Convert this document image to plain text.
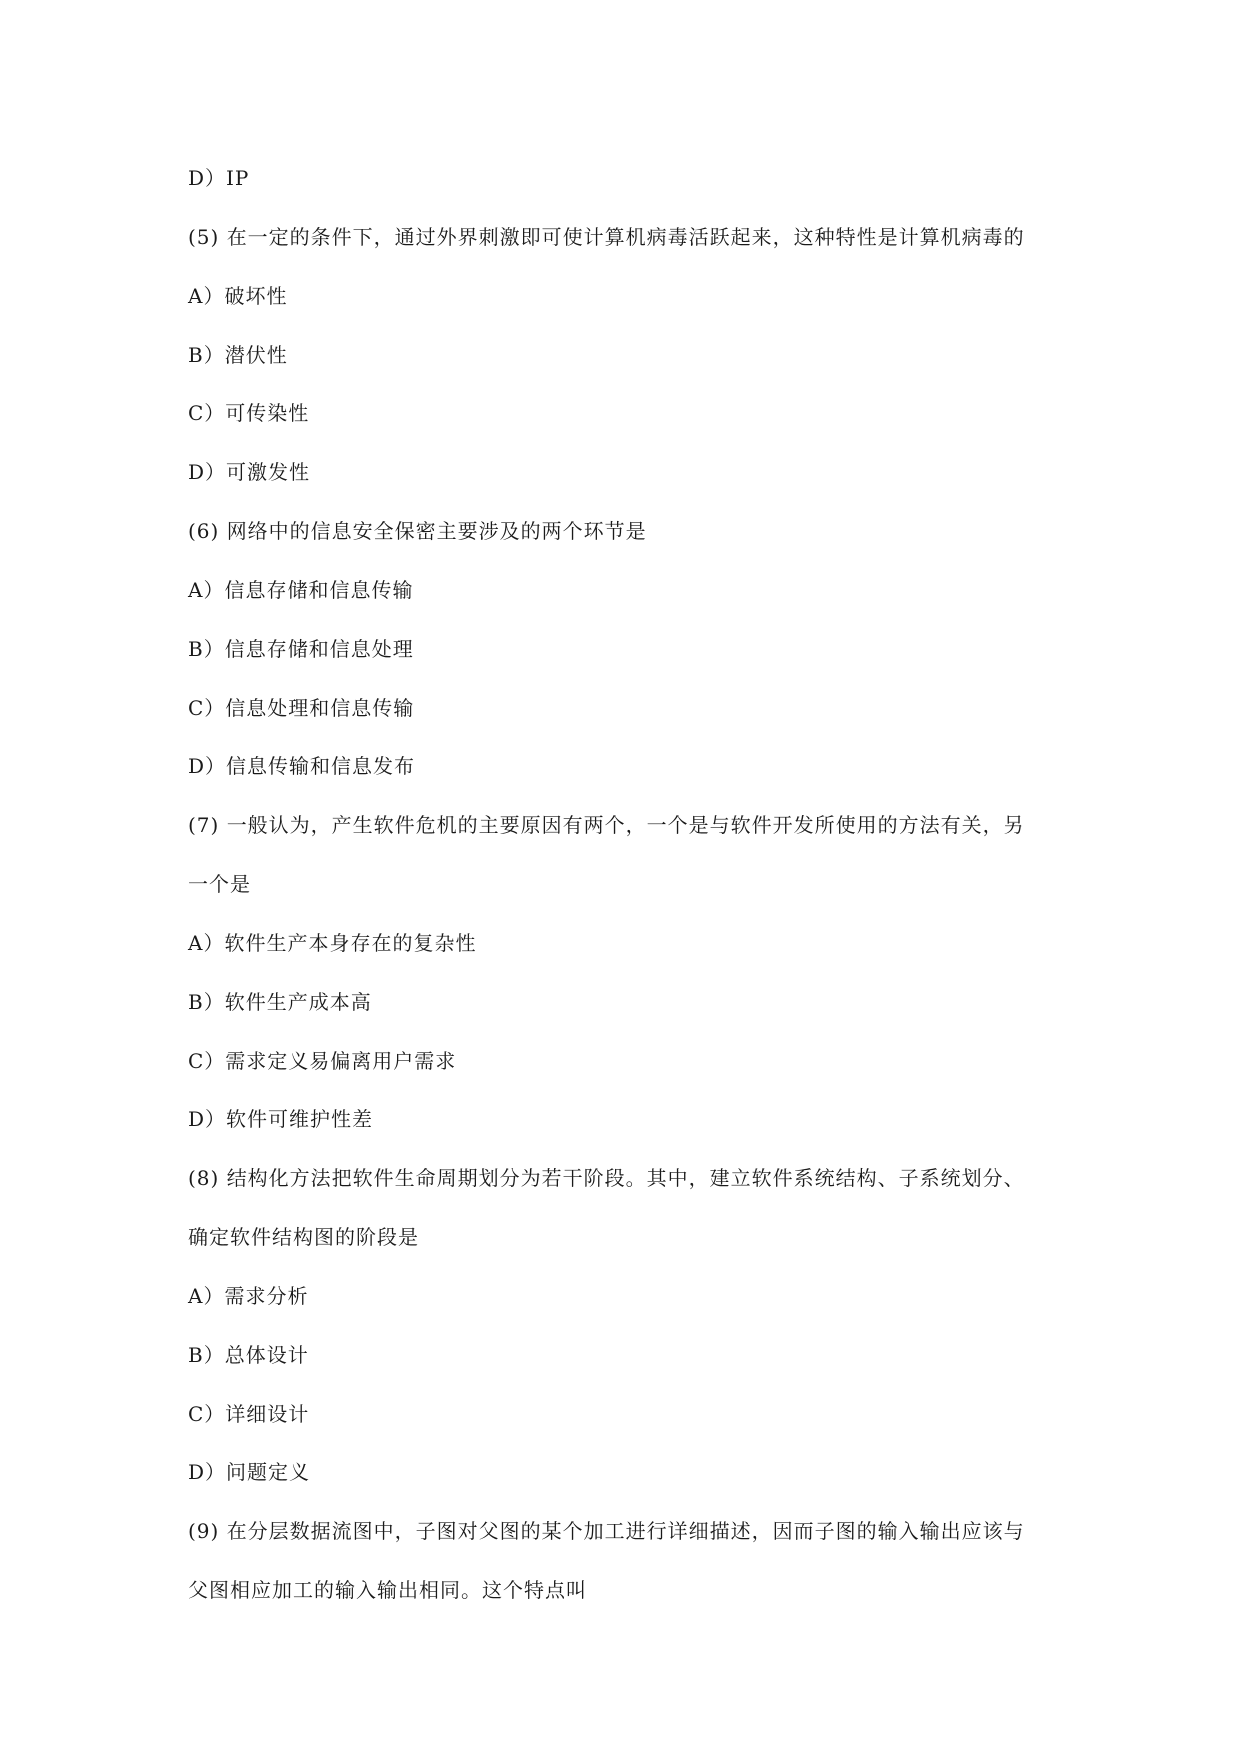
D）IP
(5) 在一定的条件下，通过外界刺激即可使计算机病毒活跃起来，这种特性是计算机病毒的
A）破坏性
B）潜伏性
C）可传染性
D）可激发性
(6) 网络中的信息安全保密主要涉及的两个环节是
A）信息存储和信息传输
B）信息存储和信息处理
C）信息处理和信息传输
D）信息传输和信息发布
(7) 一般认为，产生软件危机的主要原因有两个，一个是与软件开发所使用的方法有关，另
一个是
A）软件生产本身存在的复杂性
B）软件生产成本高
C）需求定义易偏离用户需求
D）软件可维护性差
(8) 结构化方法把软件生命周期划分为若干阶段。其中，建立软件系统结构、子系统划分、
确定软件结构图的阶段是
A）需求分析
B）总体设计
C）详细设计
D）问题定义
(9) 在分层数据流图中，子图对父图的某个加工进行详细描述，因而子图的输入输出应该与
父图相应加工的输入输出相同。这个特点叫
